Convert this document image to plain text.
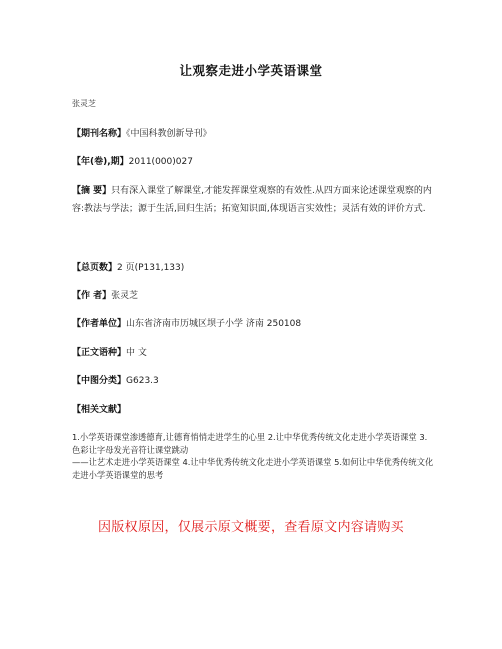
让观察走进小学英语课堂
张灵芝
【期刊名称】《中国科教创新导刊》
【年(卷),期】2011(000)027
【摘 要】只有深入课堂了解课堂,才能发挥课堂观察的有效性.从四方面来论述课堂观察的内容:教法与学法；源于生活,回归生活；拓宽知识面,体现语言实效性；灵活有效的评价方式.
【总页数】2 页(P131,133)
【作 者】张灵芝
【作者单位】山东省济南市历城区坝子小学 济南 250108
【正文语种】中 文
【中图分类】G623.3
【相关文献】
1.小学英语课堂渗透德育,让德育悄悄走进学生的心里 2.让中华优秀传统文化走进小学英语课堂 3.色彩让字母发光音符让课堂跳动
——让艺术走进小学英语课堂 4.让中华优秀传统文化走进小学英语课堂 5.如何让中华优秀传统文化走进小学英语课堂的思考
因版权原因，仅展示原文概要，查看原文内容请购买
